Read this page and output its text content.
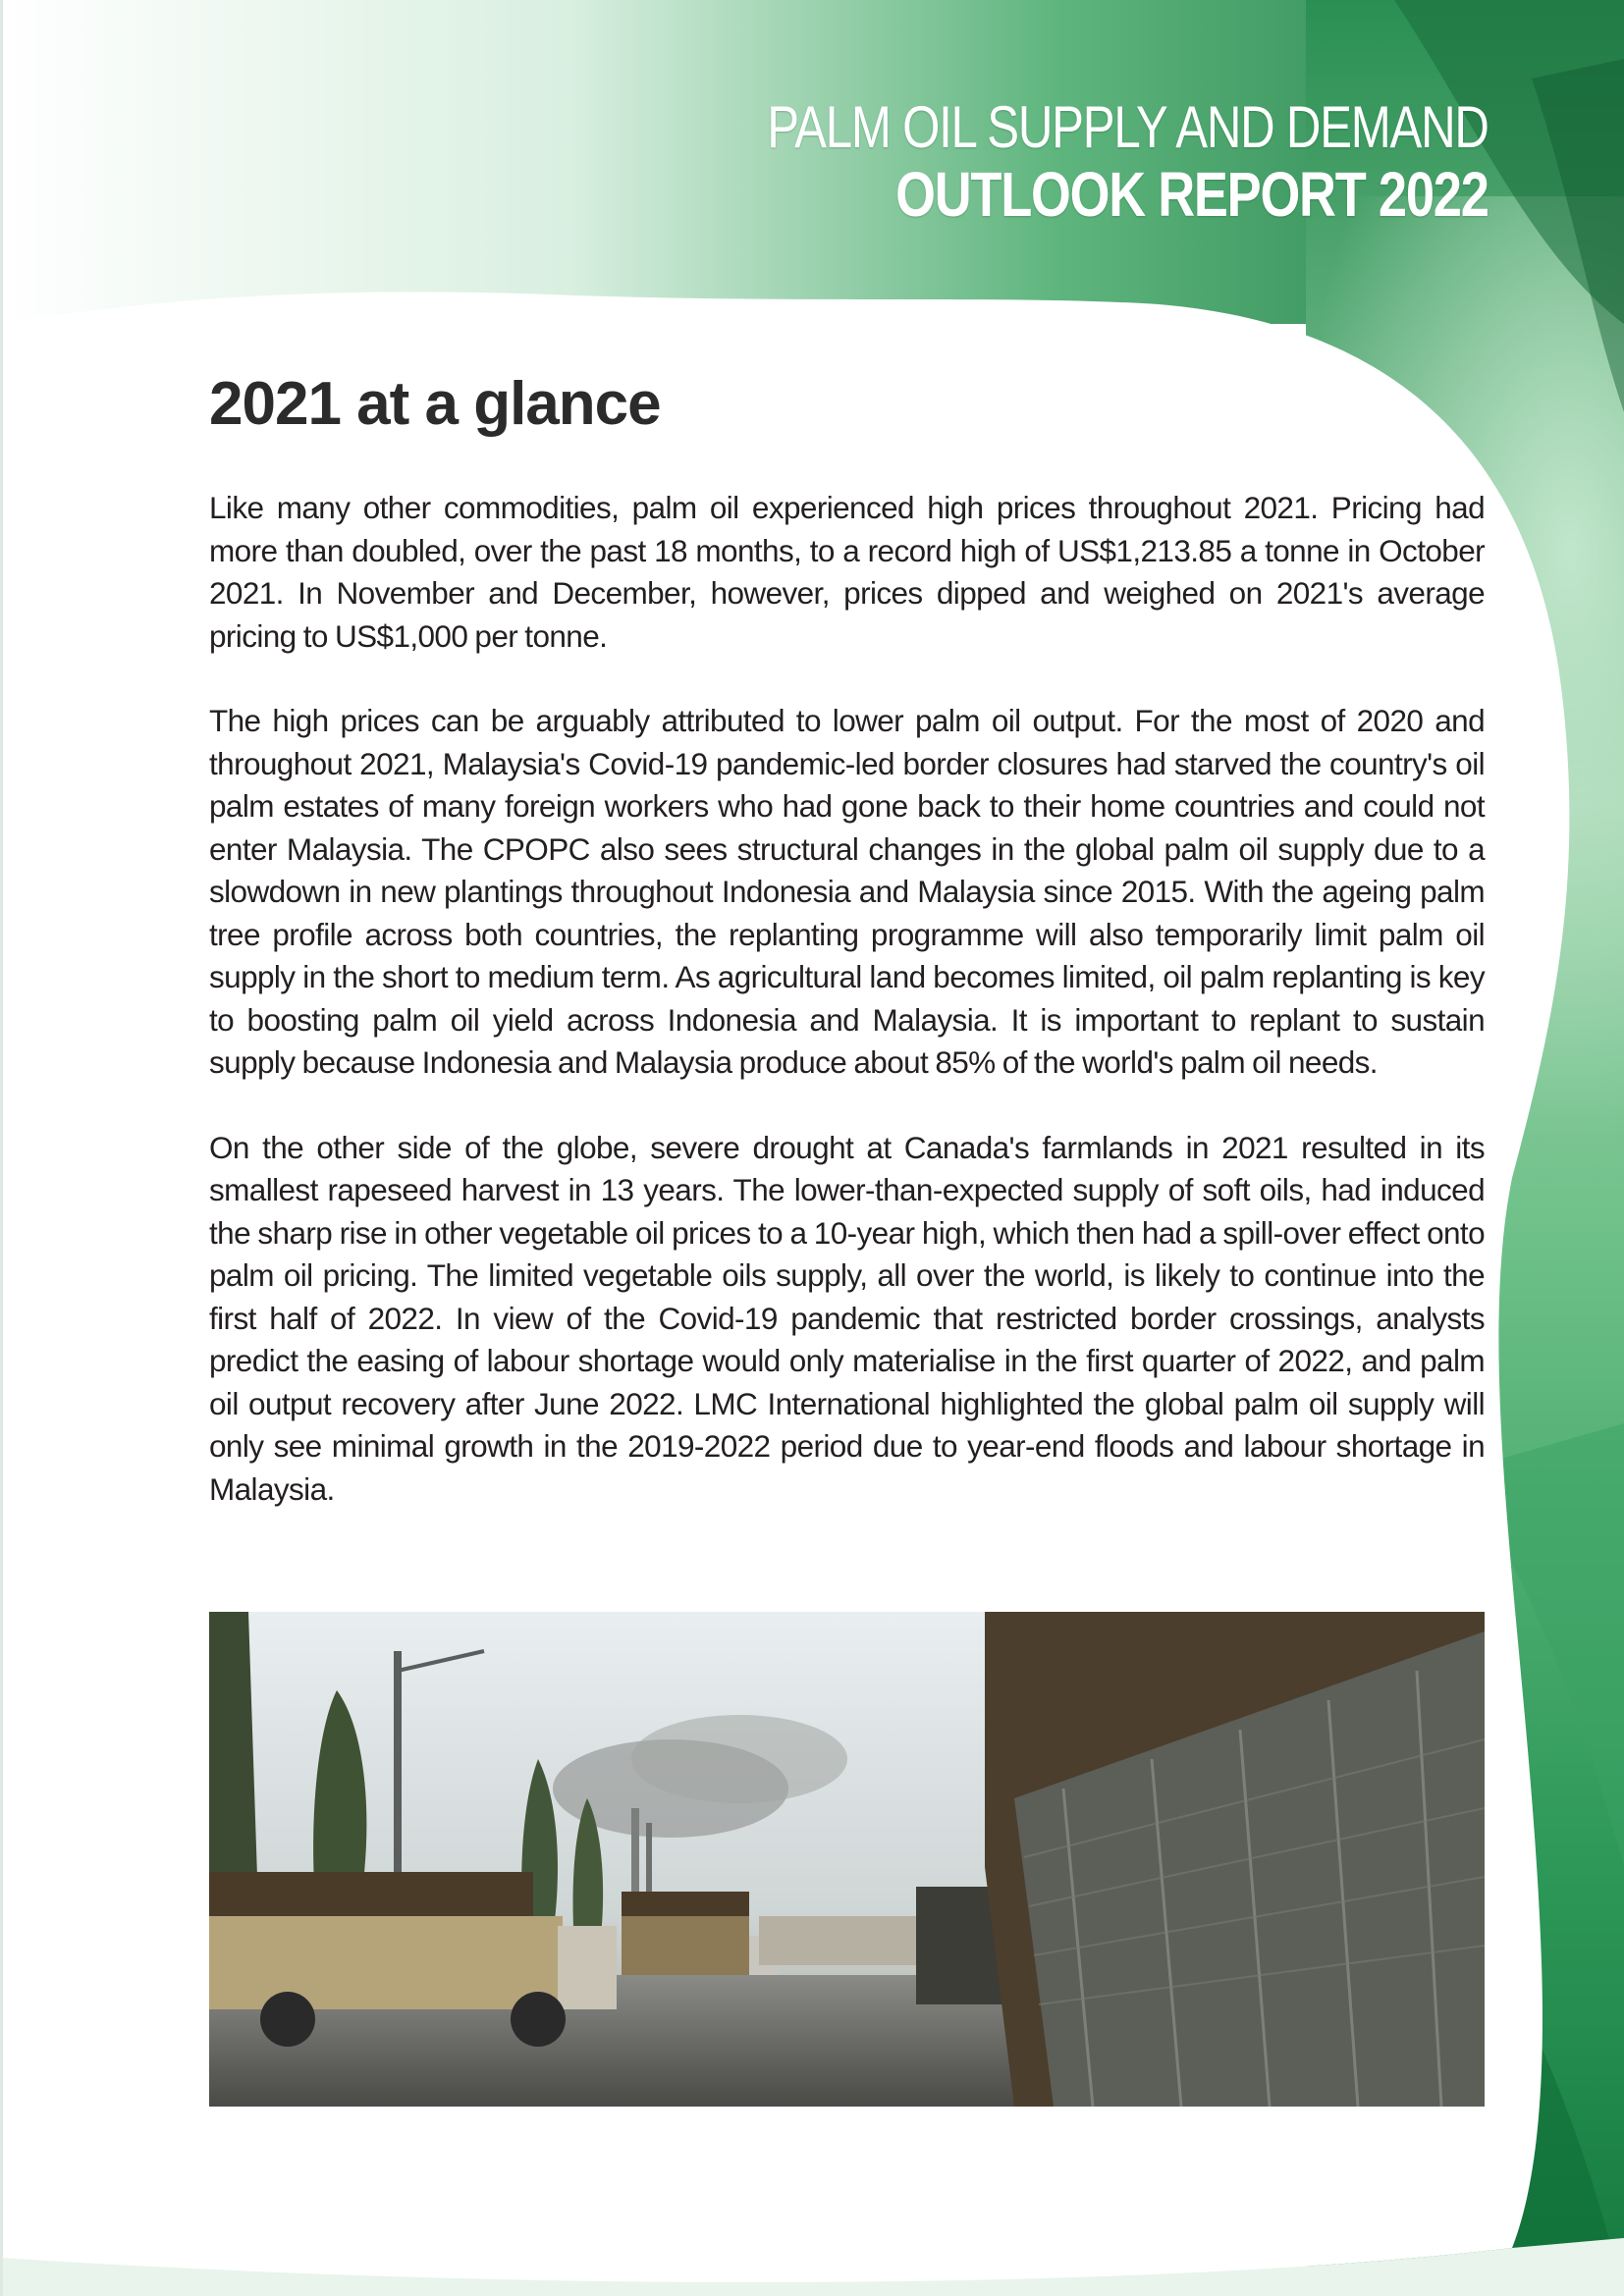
PALM OIL SUPPLY AND DEMAND
OUTLOOK REPORT 2022
2021 at a glance

Like many other commodities, palm oil experienced high prices throughout 2021. Pricing had more than doubled, over the past 18 months, to a record high of US$1,213.85 a tonne in October 2021. In November and December, however, prices dipped and weighed on 2021's average pricing to US$1,000 per tonne.

The high prices can be arguably attributed to lower palm oil output. For the most of 2020 and throughout 2021, Malaysia's Covid-19 pandemic-led border closures had starved the country's oil palm estates of many foreign workers who had gone back to their home countries and could not enter Malaysia. The CPOPC also sees structural changes in the global palm oil supply due to a slowdown in new plantings throughout Indonesia and Malaysia since 2015. With the ageing palm tree profile across both countries, the replanting programme will also temporarily limit palm oil supply in the short to medium term. As agricultural land becomes limited, oil palm replanting is key to boosting palm oil yield across Indonesia and Malaysia. It is important to replant to sustain supply because Indonesia and Malaysia produce about 85% of the world's palm oil needs.

On the other side of the globe, severe drought at Canada's farmlands in 2021 resulted in its smallest rapeseed harvest in 13 years. The lower-than-expected supply of soft oils, had induced the sharp rise in other vegetable oil prices to a 10-year high, which then had a spill-over effect onto palm oil pricing. The limited vegetable oils supply, all over the world, is likely to continue into the first half of 2022. In view of the Covid-19 pandemic that restricted border crossings, analysts predict the easing of labour shortage would only materialise in the first quarter of 2022, and palm oil output recovery after June 2022. LMC International highlighted the global palm oil supply will only see minimal growth in the 2019-2022 period due to year-end floods and labour shortage in Malaysia.

1
